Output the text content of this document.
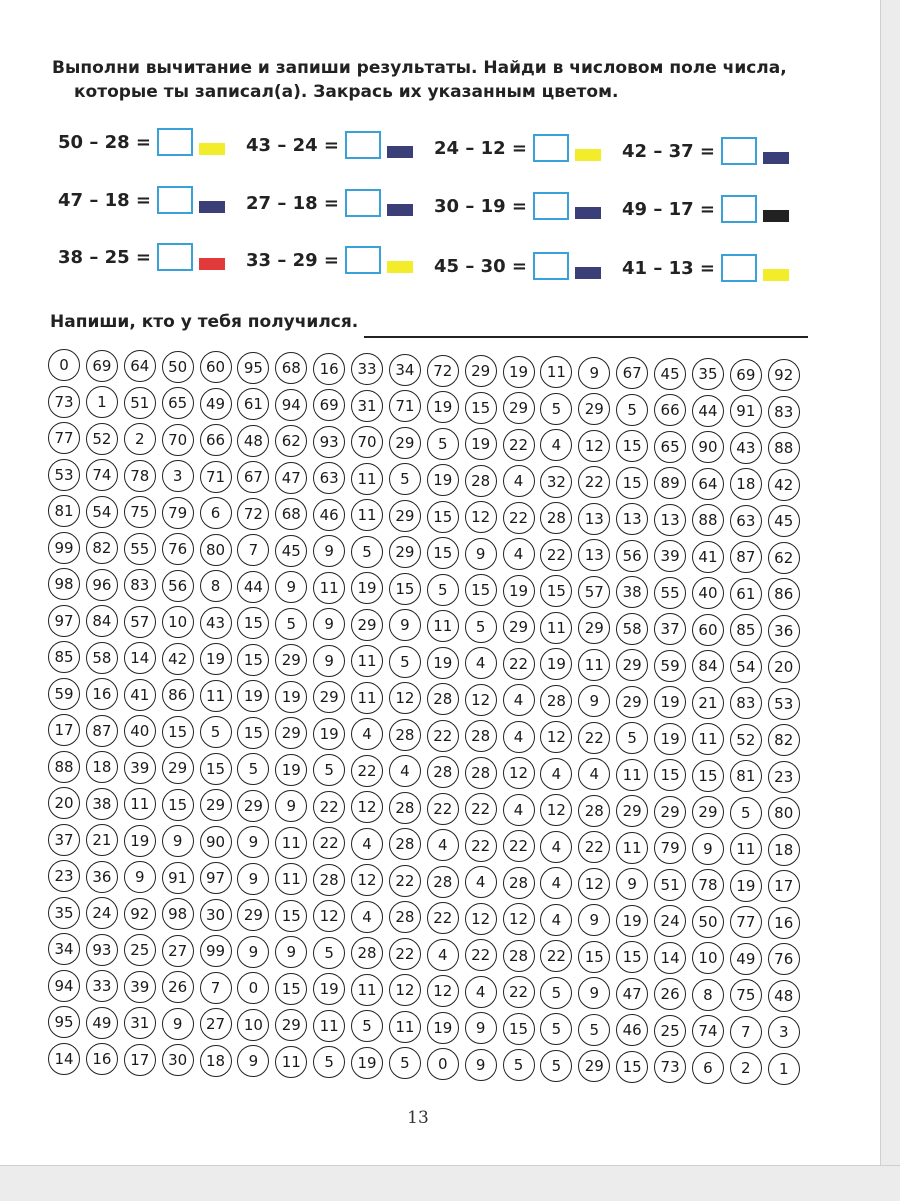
Выполни вычитание и запиши результаты. Найди в числовом поле числа,

которые ты записал(а). Закрась их указанным цветом.

50 – 28 =	43 – 24 =	24 – 12 =	42 – 37 =
47 – 18 =	27 – 18 =	30 – 19 =	49 – 17 =
38 – 25 =	33 – 29 =	45 – 30 =	41 – 13 =
Напиши, кто у тебя получился.
0	69	64	50	60	95	68	16	33	34	72	29	19	11	9	67	45	35	69	92
73	1	51	65	49	61	94	69	31	71	19	15	29	5	29	5	66	44	91	83
77	52	2	70	66	48	62	93	70	29	5	19	22	4	12	15	65	90	43	88
53	74	78	3	71	67	47	63	11	5	19	28	4	32	22	15	89	64	18	42
81	54	75	79	6	72	68	46	11	29	15	12	22	28	13	13	13	88	63	45
99	82	55	76	80	7	45	9	5	29	15	9	4	22	13	56	39	41	87	62
98	96	83	56	8	44	9	11	19	15	5	15	19	15	57	38	55	40	61	86
97	84	57	10	43	15	5	9	29	9	11	5	29	11	29	58	37	60	85	36
85	58	14	42	19	15	29	9	11	5	19	4	22	19	11	29	59	84	54	20
59	16	41	86	11	19	19	29	11	12	28	12	4	28	9	29	19	21	83	53
17	87	40	15	5	15	29	19	4	28	22	28	4	12	22	5	19	11	52	82
88	18	39	29	15	5	19	5	22	4	28	28	12	4	4	11	15	15	81	23
20	38	11	15	29	29	9	22	12	28	22	22	4	12	28	29	29	29	5	80
37	21	19	9	90	9	11	22	4	28	4	22	22	4	22	11	79	9	11	18
23	36	9	91	97	9	11	28	12	22	28	4	28	4	12	9	51	78	19	17
35	24	92	98	30	29	15	12	4	28	22	12	12	4	9	19	24	50	77	16
34	93	25	27	99	9	9	5	28	22	4	22	28	22	15	15	14	10	49	76
94	33	39	26	7	0	15	19	11	12	12	4	22	5	9	47	26	8	75	48
95	49	31	9	27	10	29	11	5	11	19	9	15	5	5	46	25	74	7	3
14	16	17	30	18	9	11	5	19	5	0	9	5	5	29	15	73	6	2	1
13
